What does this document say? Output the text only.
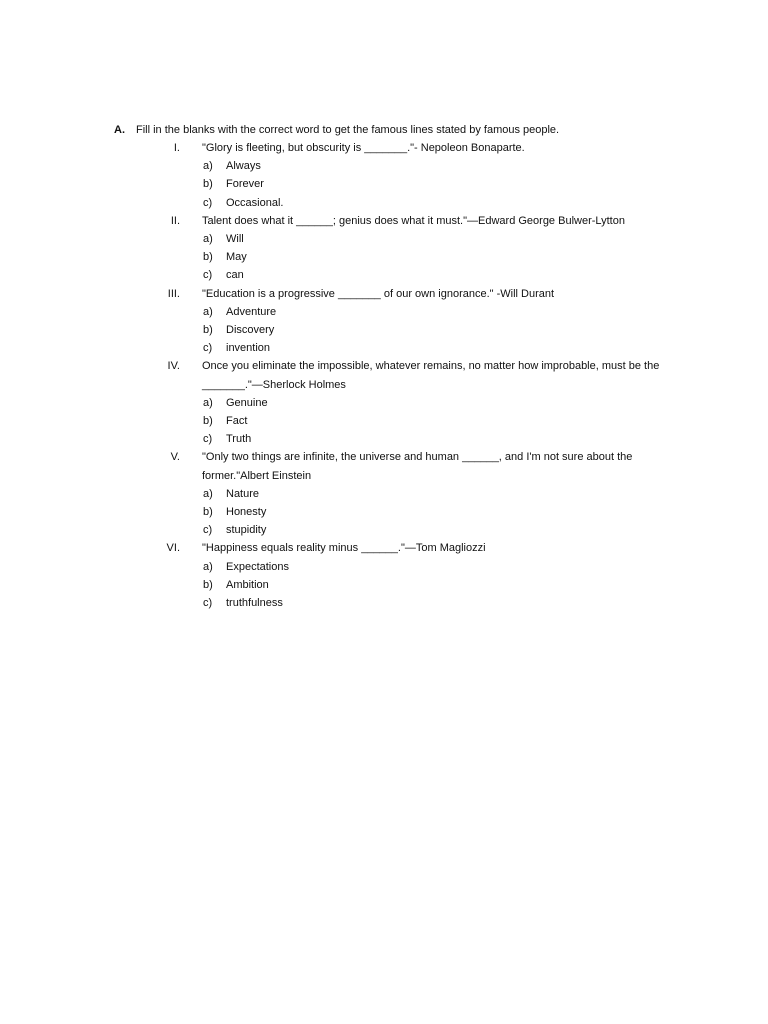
A.	Fill in the blanks with the correct word to get the famous lines stated by famous people.
I. "Glory is fleeting, but obscurity is _______."- Nepoleon Bonaparte.
a)	Always
b)	Forever
c)	Occasional.
II. Talent does what it ______; genius does what it must."—Edward George Bulwer-Lytton
a)	Will
b)	May
c)	can
III. "Education is a progressive _______ of our own ignorance." -Will Durant
a)	Adventure
b)	Discovery
c)	invention
IV. Once you eliminate the impossible, whatever remains, no matter how improbable, must be the _______."—Sherlock Holmes
a)	Genuine
b)	Fact
c)	Truth
V. "Only two things are infinite, the universe and human ______, and I'm not sure about the former."Albert Einstein
a)	Nature
b)	Honesty
c)	stupidity
VI. "Happiness equals reality minus ______."—Tom Magliozzi
a)	Expectations
b)	Ambition
c)	truthfulness
